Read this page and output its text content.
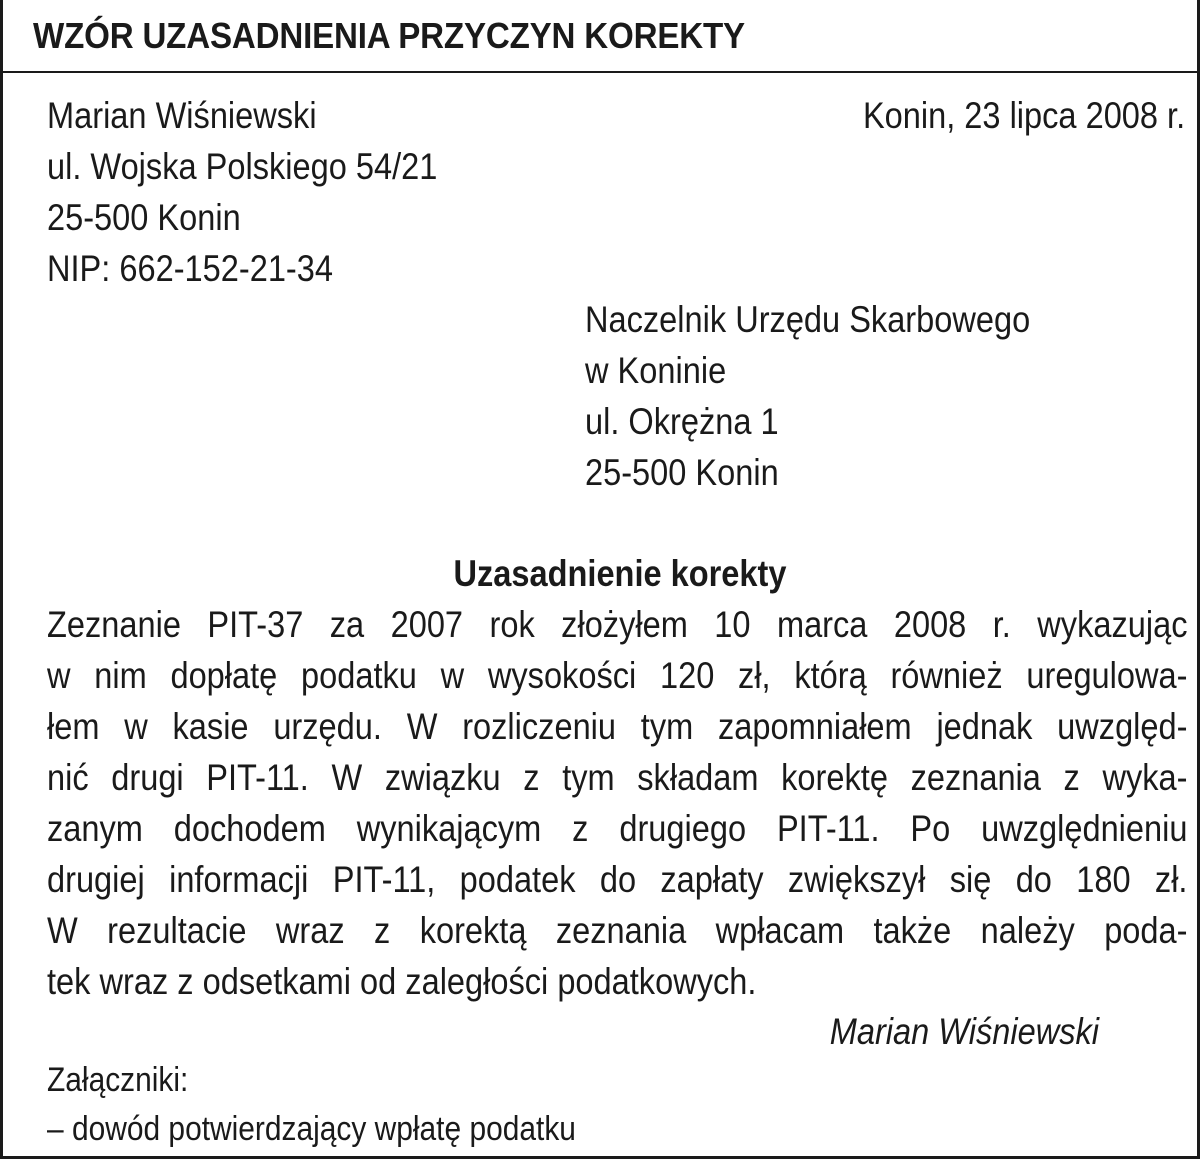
WZÓR UZASADNIENIA PRZYCZYN KOREKTY
Marian Wiśniewski
ul. Wojska Polskiego 54/21
25-500 Konin
NIP: 662-152-21-34
Konin, 23 lipca 2008 r.
Naczelnik Urzędu Skarbowego
w Koninie
ul. Okrężna 1
25-500 Konin
Uzasadnienie korekty
Zeznanie PIT-37 za 2007 rok złożyłem 10 marca 2008 r. wykazując
w nim dopłatę podatku w wysokości 120 zł, którą również uregulowa-
łem w kasie urzędu. W rozliczeniu tym zapomniałem jednak uwzględ-
nić drugi PIT-11. W związku z tym składam korektę zeznania z wyka-
zanym dochodem wynikającym z drugiego PIT-11. Po uwzględnieniu
drugiej informacji PIT-11, podatek do zapłaty zwiększył się do 180 zł.
W rezultacie wraz z korektą zeznania wpłacam także należy poda-
tek wraz z odsetkami od zaległości podatkowych.
Marian Wiśniewski
Załączniki:
– dowód potwierdzający wpłatę podatku
